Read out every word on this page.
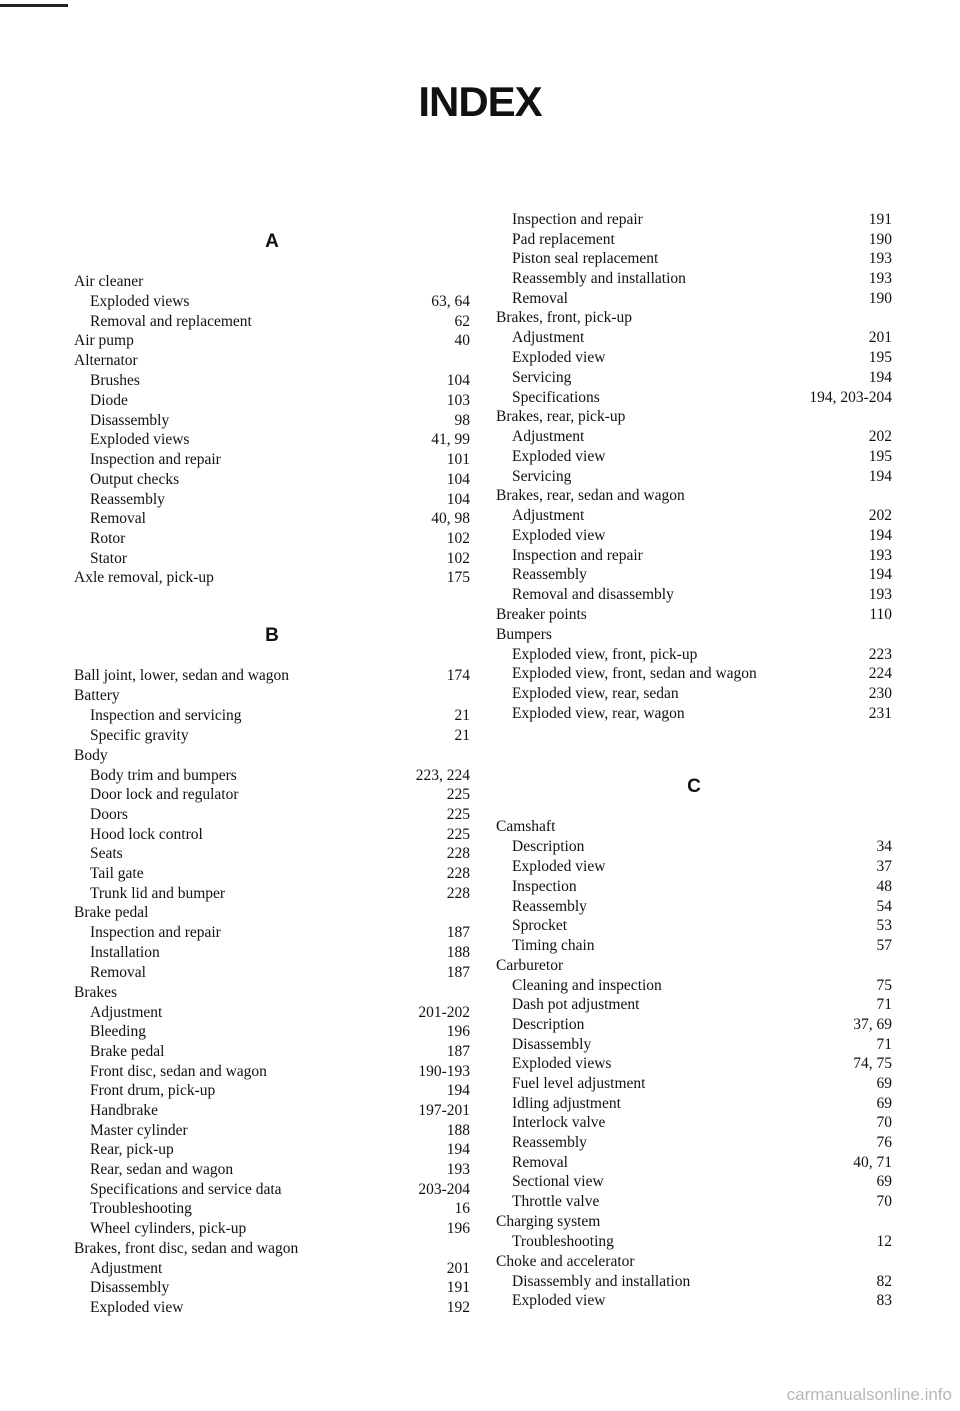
INDEX
A
Air cleaner
Exploded views	63, 64
Removal and replacement	62
Air pump	40
Alternator
Brushes	104
Diode	103
Disassembly	98
Exploded views	41, 99
Inspection and repair	101
Output checks	104
Reassembly	104
Removal	40, 98
Rotor	102
Stator	102
Axle removal, pick-up	175
B
Ball joint, lower, sedan and wagon	174
Battery
Inspection and servicing	21
Specific gravity	21
Body
Body trim and bumpers	223, 224
Door lock and regulator	225
Doors	225
Hood lock control	225
Seats	228
Tail gate	228
Trunk lid and bumper	228
Brake pedal
Inspection and repair	187
Installation	188
Removal	187
Brakes
Adjustment	201-202
Bleeding	196
Brake pedal	187
Front disc, sedan and wagon	190-193
Front drum, pick-up	194
Handbrake	197-201
Master cylinder	188
Rear, pick-up	194
Rear, sedan and wagon	193
Specifications and service data	203-204
Troubleshooting	16
Wheel cylinders, pick-up	196
Brakes, front disc, sedan and wagon
Adjustment	201
Disassembly	191
Exploded view	192
Inspection and repair	191
Pad replacement	190
Piston seal replacement	193
Reassembly and installation	193
Removal	190
Brakes, front, pick-up
Adjustment	201
Exploded view	195
Servicing	194
Specifications	194, 203-204
Brakes, rear, pick-up
Adjustment	202
Exploded view	195
Servicing	194
Brakes, rear, sedan and wagon
Adjustment	202
Exploded view	194
Inspection and repair	193
Reassembly	194
Removal and disassembly	193
Breaker points	110
Bumpers
Exploded view, front, pick-up	223
Exploded view, front, sedan and wagon	224
Exploded view, rear, sedan	230
Exploded view, rear, wagon	231
C
Camshaft
Description	34
Exploded view	37
Inspection	48
Reassembly	54
Sprocket	53
Timing chain	57
Carburetor
Cleaning and inspection	75
Dash pot adjustment	71
Description	37, 69
Disassembly	71
Exploded views	74, 75
Fuel level adjustment	69
Idling adjustment	69
Interlock valve	70
Reassembly	76
Removal	40, 71
Sectional view	69
Throttle valve	70
Charging system
Troubleshooting	12
Choke and accelerator
Disassembly and installation	82
Exploded view	83
carmanualsonline.info
